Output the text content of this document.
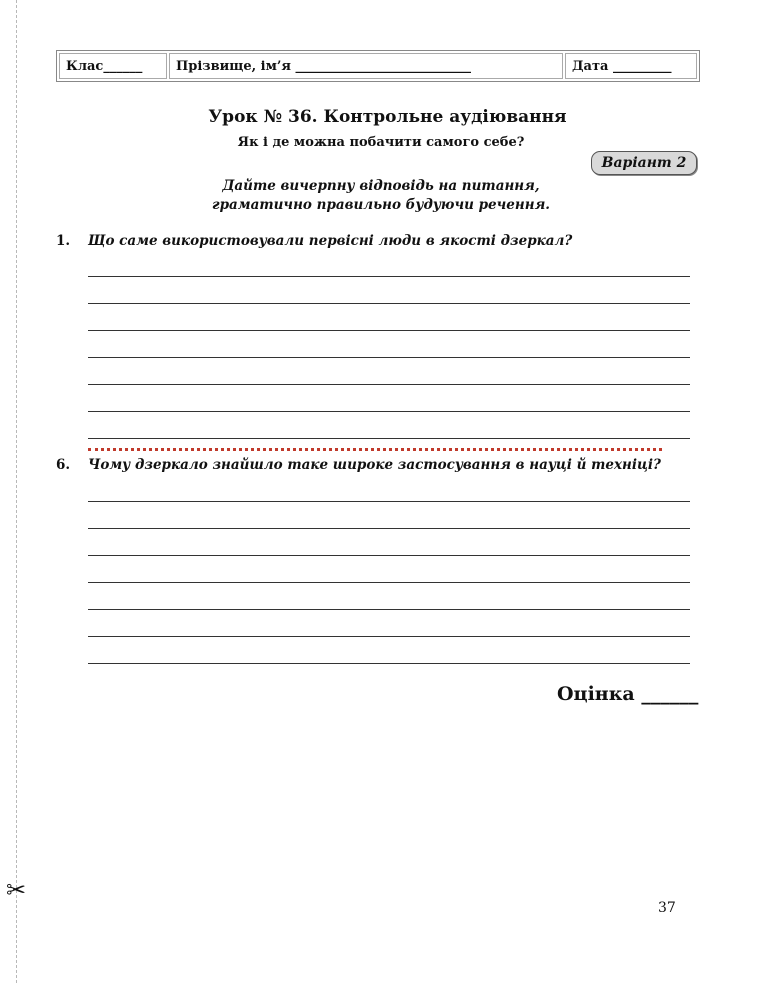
✂
Клас______	Прізвище, ім’я ___________________________	Дата _________
Урок № 36. Контрольне аудіювання
Як і де можна побачити самого себе?
Варіант 2
Дайте вичерпну відповідь на питання,
граматично правильно будуючи речення.
1.	Що саме використовували первісні люди в якості дзеркал?
6.	Чому дзеркало знайшло таке широке застосування в науці й техніці?
Оцінка ______
37
